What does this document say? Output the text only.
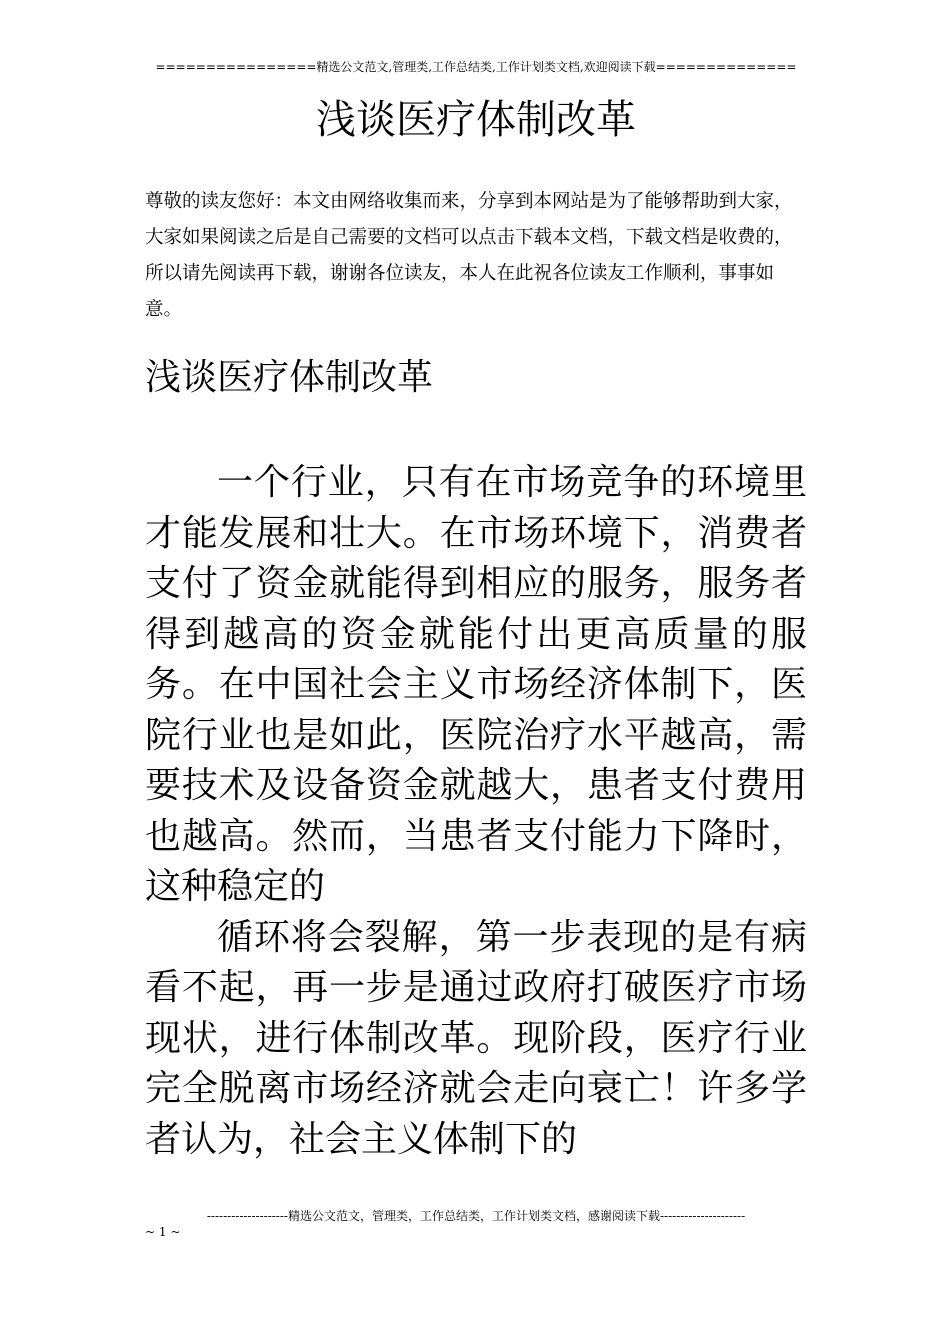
================精选公文范文,管理类,工作总结类,工作计划类文档,欢迎阅读下载==============
浅谈医疗体制改革

尊敬的读友您好：本文由网络收集而来，分享到本网站是为了能够帮助到大家，大家如果阅读之后是自己需要的文档可以点击下载本文档，下载文档是收费的，所以请先阅读再下载，谢谢各位读友，本人在此祝各位读友工作顺利，事事如意。

浅谈医疗体制改革

一个行业，只有在市场竞争的环境里才能发展和壮大。在市场环境下，消费者支付了资金就能得到相应的服务，服务者得到越高的资金就能付出更高质量的服务。在中国社会主义市场经济体制下，医院行业也是如此，医院治疗水平越高，需要技术及设备资金就越大，患者支付费用也越高。然而，当患者支付能力下降时，这种稳定的

循环将会裂解，第一步表现的是有病看不起，再一步是通过政府打破医疗市场现状，进行体制改革。现阶段，医疗行业完全脱离市场经济就会走向衰亡！许多学者认为，社会主义体制下的

--------------------精选公文范文，管理类，工作总结类，工作计划类文档，感谢阅读下载---------------------
~ 1 ~
